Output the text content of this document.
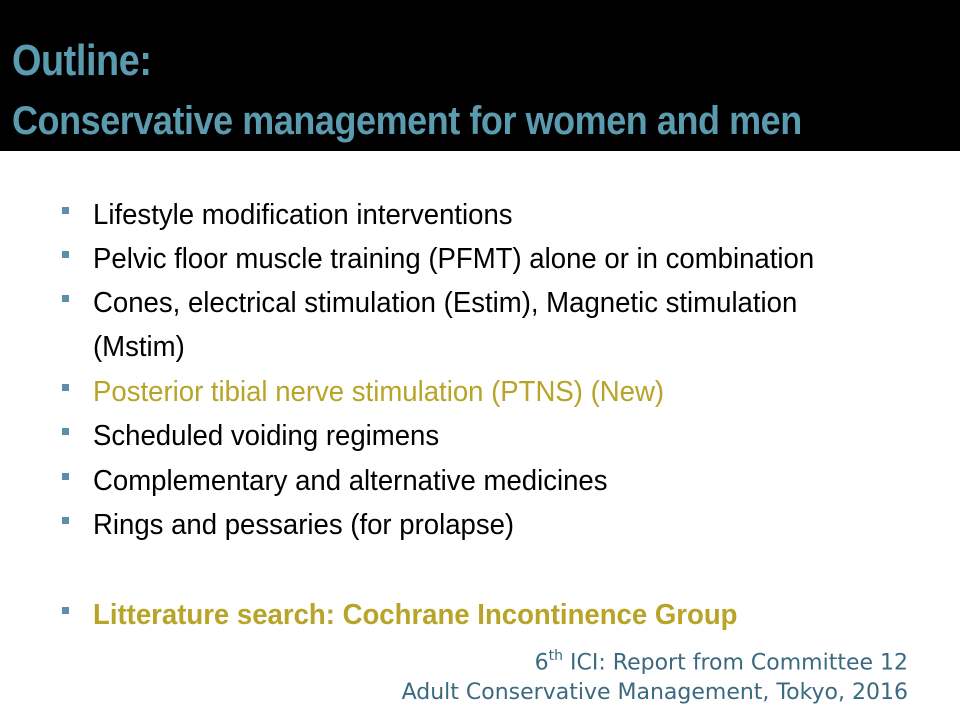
Outline:
Conservative management for women and men
Lifestyle modification interventions
Pelvic floor muscle training (PFMT) alone or in combination
Cones, electrical stimulation (Estim), Magnetic stimulation (Mstim)
Posterior tibial nerve stimulation (PTNS) (New)
Scheduled voiding regimens
Complementary and alternative medicines
Rings and pessaries (for prolapse)
Litterature search: Cochrane Incontinence Group
6th ICI: Report from Committee 12
Adult Conservative Management, Tokyo, 2016
